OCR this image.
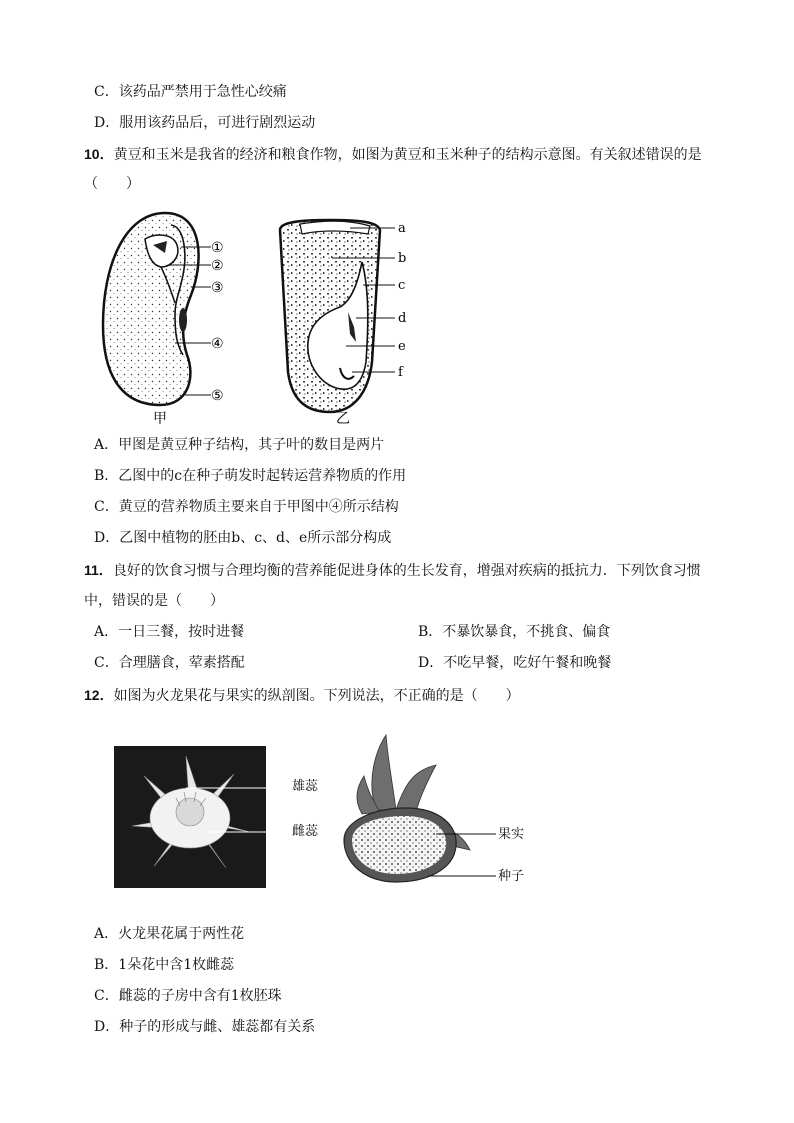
C．该药品严禁用于急性心绞痛
D．服用该药品后，可进行剧烈运动
10．黄豆和玉米是我省的经济和粮食作物，如图为黄豆和玉米种子的结构示意图。有关叙述错误的是
（　　）
①
②
③
④
⑤
甲
a
b
c
d
e
f
乙
A．甲图是黄豆种子结构，其子叶的数目是两片
B．乙图中的c在种子萌发时起转运营养物质的作用
C．黄豆的营养物质主要来自于甲图中④所示结构
D．乙图中植物的胚由b、c、d、e所示部分构成
11．良好的饮食习惯与合理均衡的营养能促进身体的生长发育，增强对疾病的抵抗力．下列饮食习惯
中，错误的是（　　）
A．一日三餐，按时进餐	B．不暴饮暴食，不挑食、偏食
C．合理膳食，荤素搭配	D．不吃早餐，吃好午餐和晚餐
12．如图为火龙果花与果实的纵剖图。下列说法，不正确的是（　　）
雄蕊
雌蕊	果实
种子
A．火龙果花属于两性花
B．1朵花中含1枚雌蕊
C．雌蕊的子房中含有1枚胚珠
D．种子的形成与雌、雄蕊都有关系
